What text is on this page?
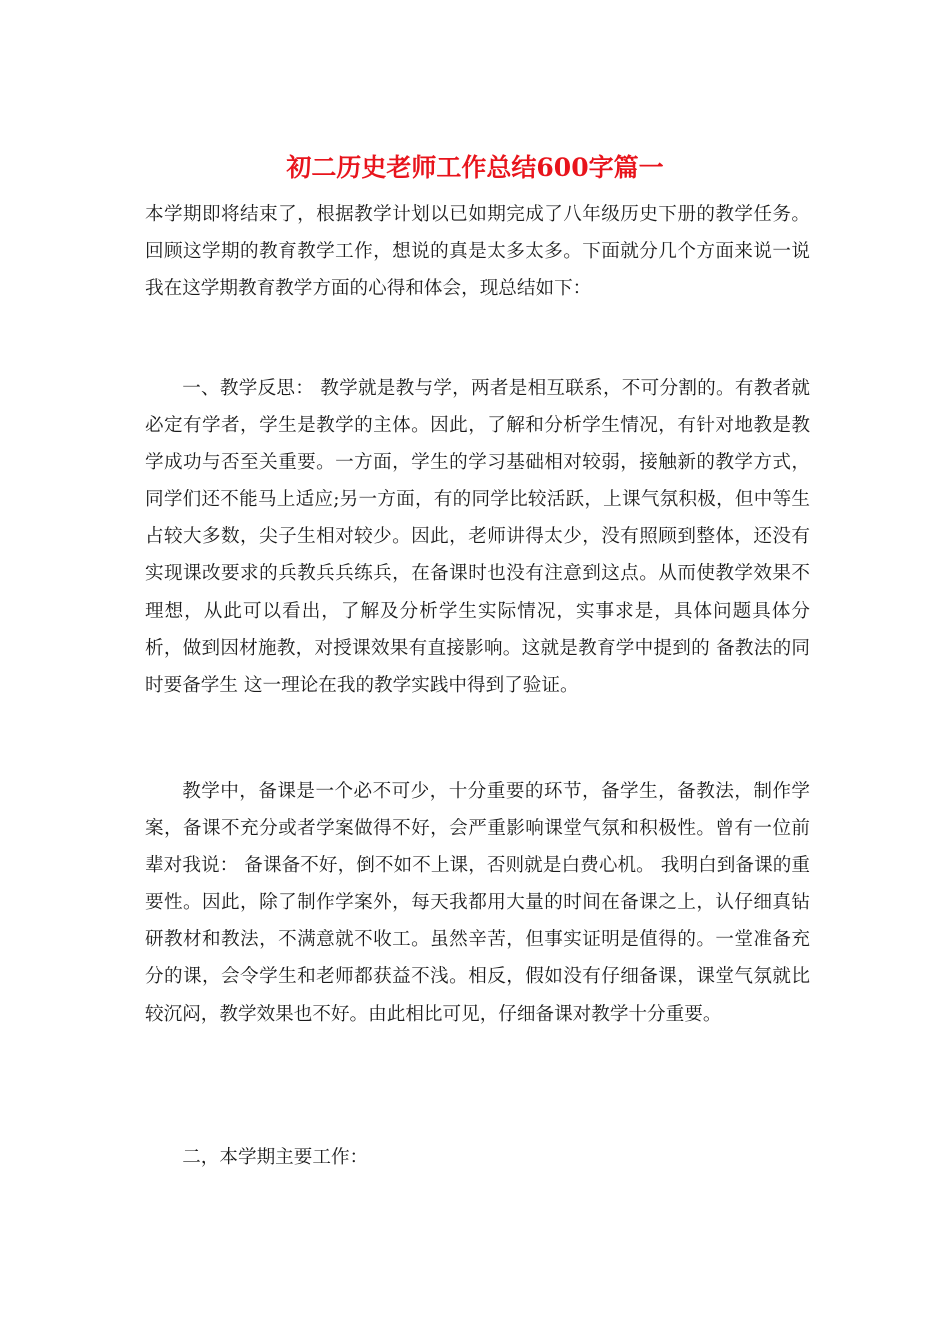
初二历史老师工作总结600字篇一

本学期即将结束了，根据教学计划以已如期完成了八年级历史下册的教学任务。回顾这学期的教育教学工作，想说的真是太多太多。下面就分几个方面来说一说我在这学期教育教学方面的心得和体会，现总结如下：

一、教学反思： 教学就是教与学，两者是相互联系，不可分割的。有教者就必定有学者，学生是教学的主体。因此，了解和分析学生情况，有针对地教是教学成功与否至关重要。一方面，学生的学习基础相对较弱，接触新的教学方式，同学们还不能马上适应;另一方面，有的同学比较活跃，上课气氛积极，但中等生占较大多数，尖子生相对较少。因此，老师讲得太少，没有照顾到整体，还没有实现课改要求的兵教兵兵练兵，在备课时也没有注意到这点。从而使教学效果不理想，从此可以看出，了解及分析学生实际情况，实事求是，具体问题具体分析，做到因材施教，对授课效果有直接影响。这就是教育学中提到的 备教法的同时要备学生 这一理论在我的教学实践中得到了验证。

教学中，备课是一个必不可少，十分重要的环节，备学生，备教法，制作学案，备课不充分或者学案做得不好，会严重影响课堂气氛和积极性。曾有一位前辈对我说： 备课备不好，倒不如不上课，否则就是白费心机。 我明白到备课的重要性。因此，除了制作学案外，每天我都用大量的时间在备课之上，认仔细真钻研教材和教法，不满意就不收工。虽然辛苦，但事实证明是值得的。一堂准备充分的课，会令学生和老师都获益不浅。相反，假如没有仔细备课，课堂气氛就比较沉闷，教学效果也不好。由此相比可见，仔细备课对教学十分重要。

二，本学期主要工作：
